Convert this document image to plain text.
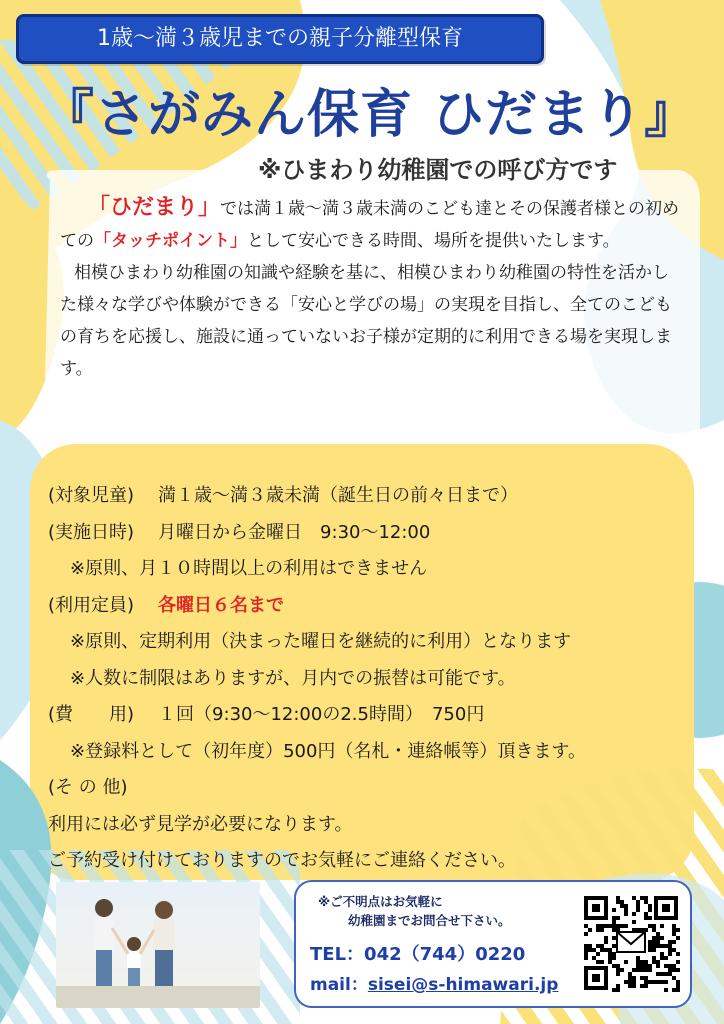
1歳～満３歳児までの親子分離型保育
『さがみん保育 ひだまり』
※ひまわり幼稚園での呼び方です

「ひだまり」では満１歳～満３歳未満のこども達とその保護者様との初めての「タッチポイント」として安心できる時間、場所を提供いたします。

相模ひまわり幼稚園の知識や経験を基に、相模ひまわり幼稚園の特性を活かした様々な学びや体験ができる「安心と学びの場」の実現を目指し、全てのこどもの育ちを応援し、施設に通っていないお子様が定期的に利用できる場を実現します。

(対象児童) 満１歳～満３歳未満（誕生日の前々日まで）
(実施日時) 月曜日から金曜日　9:30～12:00
※原則、月１０時間以上の利用はできません
(利用定員) 各曜日６名まで
※原則、定期利用（決まった曜日を継続的に利用）となります
※人数に制限はありますが、月内での振替は可能です。
(費　　用) １回（9:30～12:00の2.5時間）　750円
※登録料として（初年度）500円（名札・連絡帳等）頂きます。
(そ の 他)
利用には必ず見学が必要になります。
ご予約受け付けておりますのでお気軽にご連絡ください。
※ご不明点はお気軽に
幼稚園までお問合せ下さい。
TEL：042（744）0220
mail：sisei@s-himawari.jp
